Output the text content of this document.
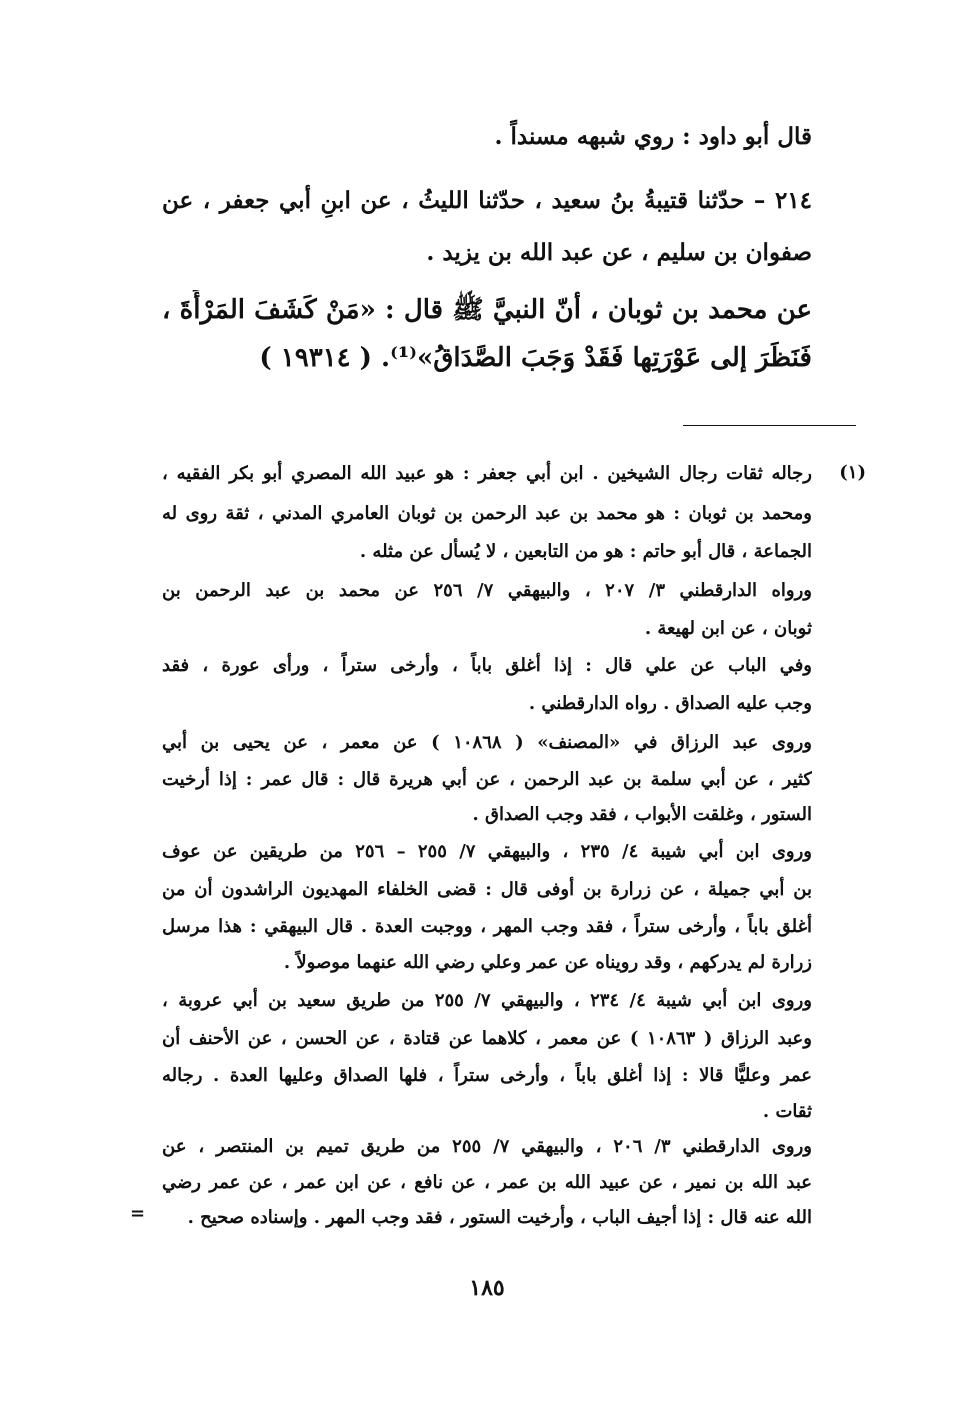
قال أبو داود : روي شبهه مسنداً .
٢١٤ – حدّثنا قتيبةُ بنُ سعيد ، حدّثنا الليثُ ، عن ابنِ أبي جعفر ، عن
صفوان بن سليم ، عن عبد الله بن يزيد .
عن محمد بن ثوبان ، أنّ النبيَّ ﷺ قال : «مَنْ كَشَفَ المَرْأَةَ ،
فَنَظَرَ إلى عَوْرَتِها فَقَدْ وَجَبَ الصَّدَاقُ»⁽¹⁾. ( ١٩٣١٤ )
(١)
رجاله ثقات رجال الشيخين . ابن أبي جعفر : هو عبيد الله المصري أبو بكر الفقيه ،
ومحمد بن ثوبان : هو محمد بن عبد الرحمن بن ثوبان العامري المدني ، ثقة روى له
الجماعة ، قال أبو حاتم : هو من التابعين ، لا يُسأل عن مثله .
ورواه الدارقطني ٣/ ٢٠٧ ، والبيهقي ٧/ ٢٥٦ عن محمد بن عبد الرحمن بن
ثوبان ، عن ابن لهيعة .
وفي الباب عن علي قال : إذا أغلق باباً ، وأرخى ستراً ، ورأى عورة ، فقد
وجب عليه الصداق . رواه الدارقطني .
وروى عبد الرزاق في «المصنف» ( ١٠٨٦٨ ) عن معمر ، عن يحيى بن أبي
كثير ، عن أبي سلمة بن عبد الرحمن ، عن أبي هريرة قال : قال عمر : إذا أرخيت
الستور ، وغلقت الأبواب ، فقد وجب الصداق .
وروى ابن أبي شيبة ٤/ ٢٣٥ ، والبيهقي ٧/ ٢٥٥ – ٢٥٦ من طريقين عن عوف
بن أبي جميلة ، عن زرارة بن أوفى قال : قضى الخلفاء المهديون الراشدون أن من
أغلق باباً ، وأرخى ستراً ، فقد وجب المهر ، ووجبت العدة . قال البيهقي : هذا مرسل
زرارة لم يدركهم ، وقد رويناه عن عمر وعلي رضي الله عنهما موصولاً .
وروى ابن أبي شيبة ٤/ ٢٣٤ ، والبيهقي ٧/ ٢٥٥ من طريق سعيد بن أبي عروبة ،
وعبد الرزاق ( ١٠٨٦٣ ) عن معمر ، كلاهما عن قتادة ، عن الحسن ، عن الأحنف أن
عمر وعليًّا قالا : إذا أغلق باباً ، وأرخى ستراً ، فلها الصداق وعليها العدة . رجاله
ثقات .
وروى الدارقطني ٣/ ٢٠٦ ، والبيهقي ٧/ ٢٥٥ من طريق تميم بن المنتصر ، عن
عبد الله بن نمير ، عن عبيد الله بن عمر ، عن نافع ، عن ابن عمر ، عن عمر رضي
الله عنه قال : إذا أجيف الباب ، وأرخيت الستور ، فقد وجب المهر . وإسناده صحيح .
=
١٨٥
